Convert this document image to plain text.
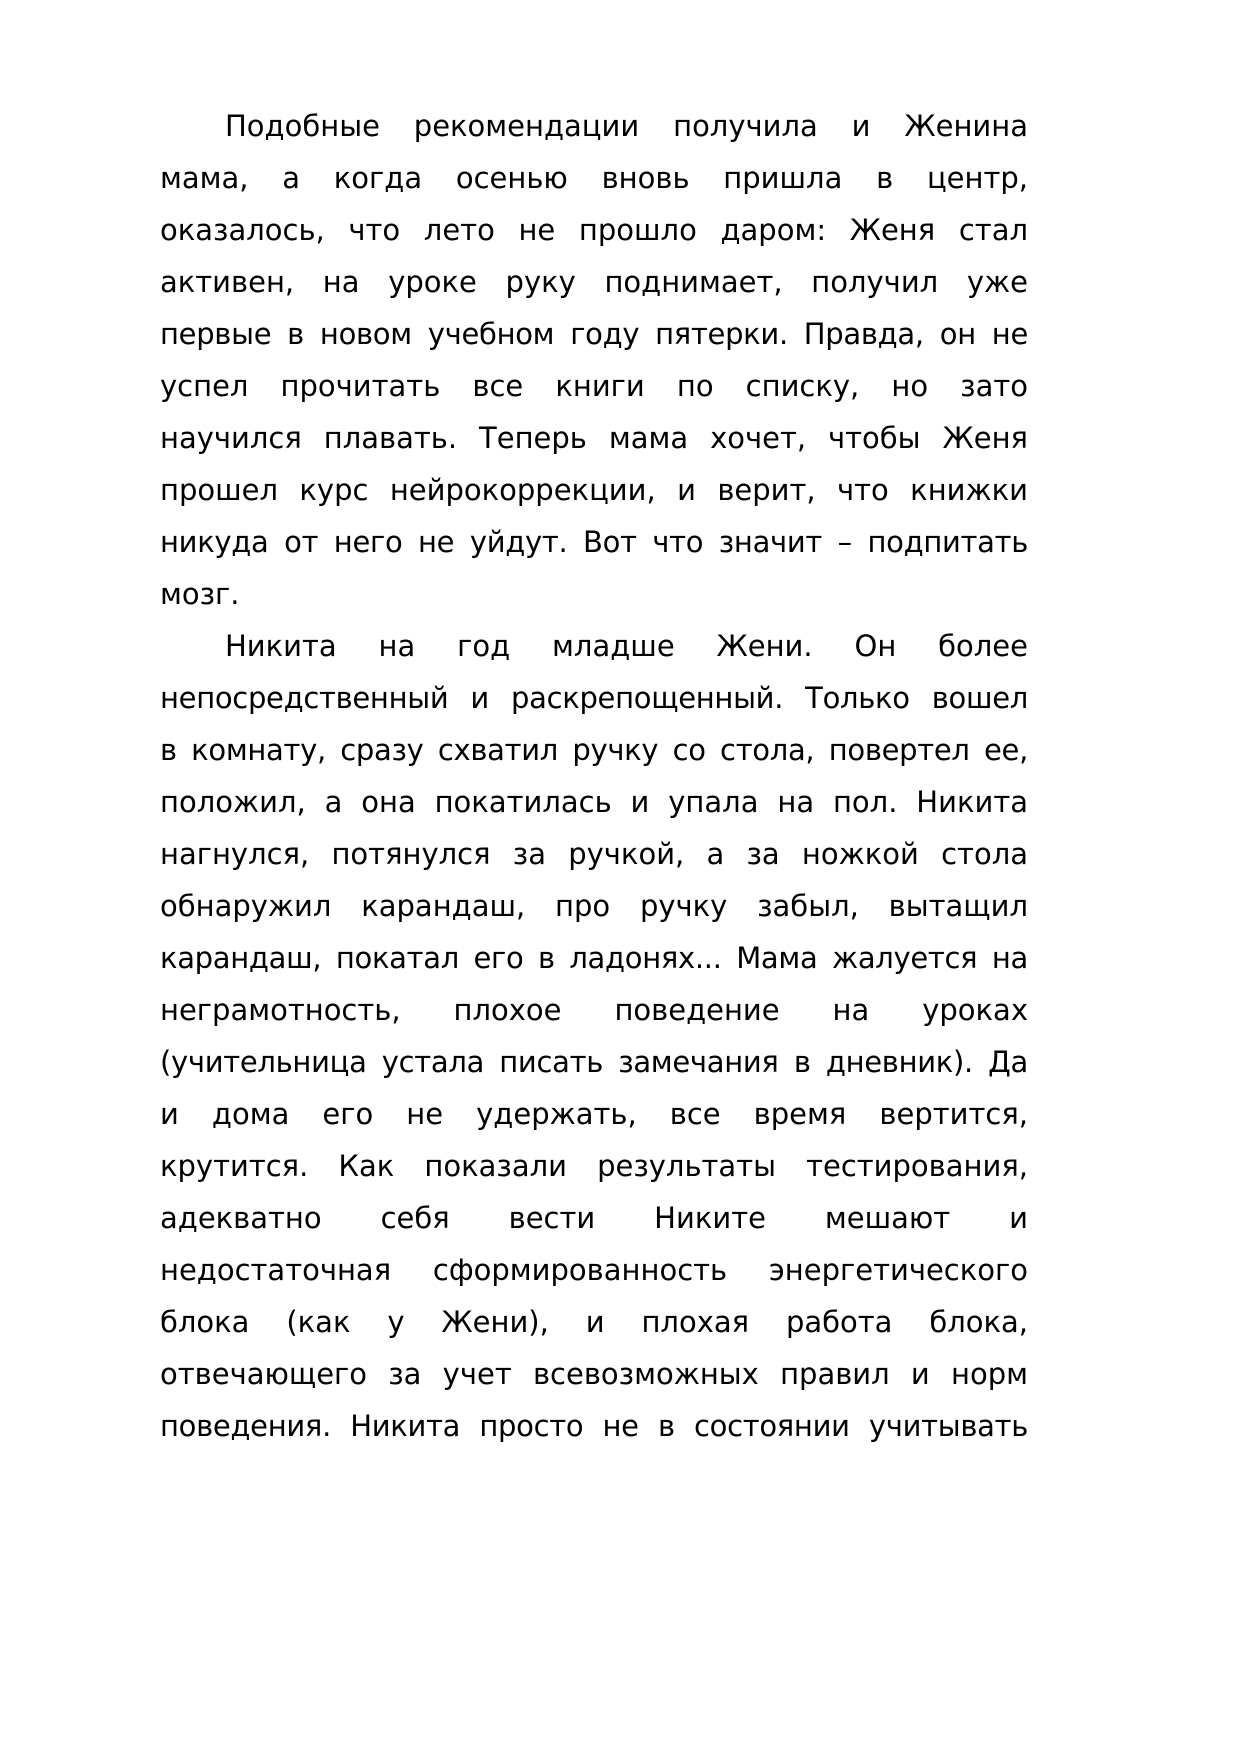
Подобные рекомендации получила и Женина
мама, а когда осенью вновь пришла в центр,
оказалось, что лето не прошло даром: Женя стал
активен, на уроке руку поднимает, получил уже
первые в новом учебном году пятерки. Правда, он не
успел прочитать все книги по списку, но зато
научился плавать. Теперь мама хочет, чтобы Женя
прошел курс нейрокоррекции, и верит, что книжки
никуда от него не уйдут. Вот что значит – подпитать
мозг.
Никита на год младше Жени. Он более
непосредственный и раскрепощенный. Только вошел
в комнату, сразу схватил ручку со стола, повертел ее,
положил, а она покатилась и упала на пол. Никита
нагнулся, потянулся за ручкой, а за ножкой стола
обнаружил карандаш, про ручку забыл, вытащил
карандаш, покатал его в ладонях... Мама жалуется на
неграмотность, плохое поведение на уроках
(учительница устала писать замечания в дневник). Да
и дома его не удержать, все время вертится,
крутится. Как показали результаты тестирования,
адекватно себя вести Никите мешают и
недостаточная сформированность энергетического
блока (как у Жени), и плохая работа блока,
отвечающего за учет всевозможных правил и норм
поведения. Никита просто не в состоянии учитывать
